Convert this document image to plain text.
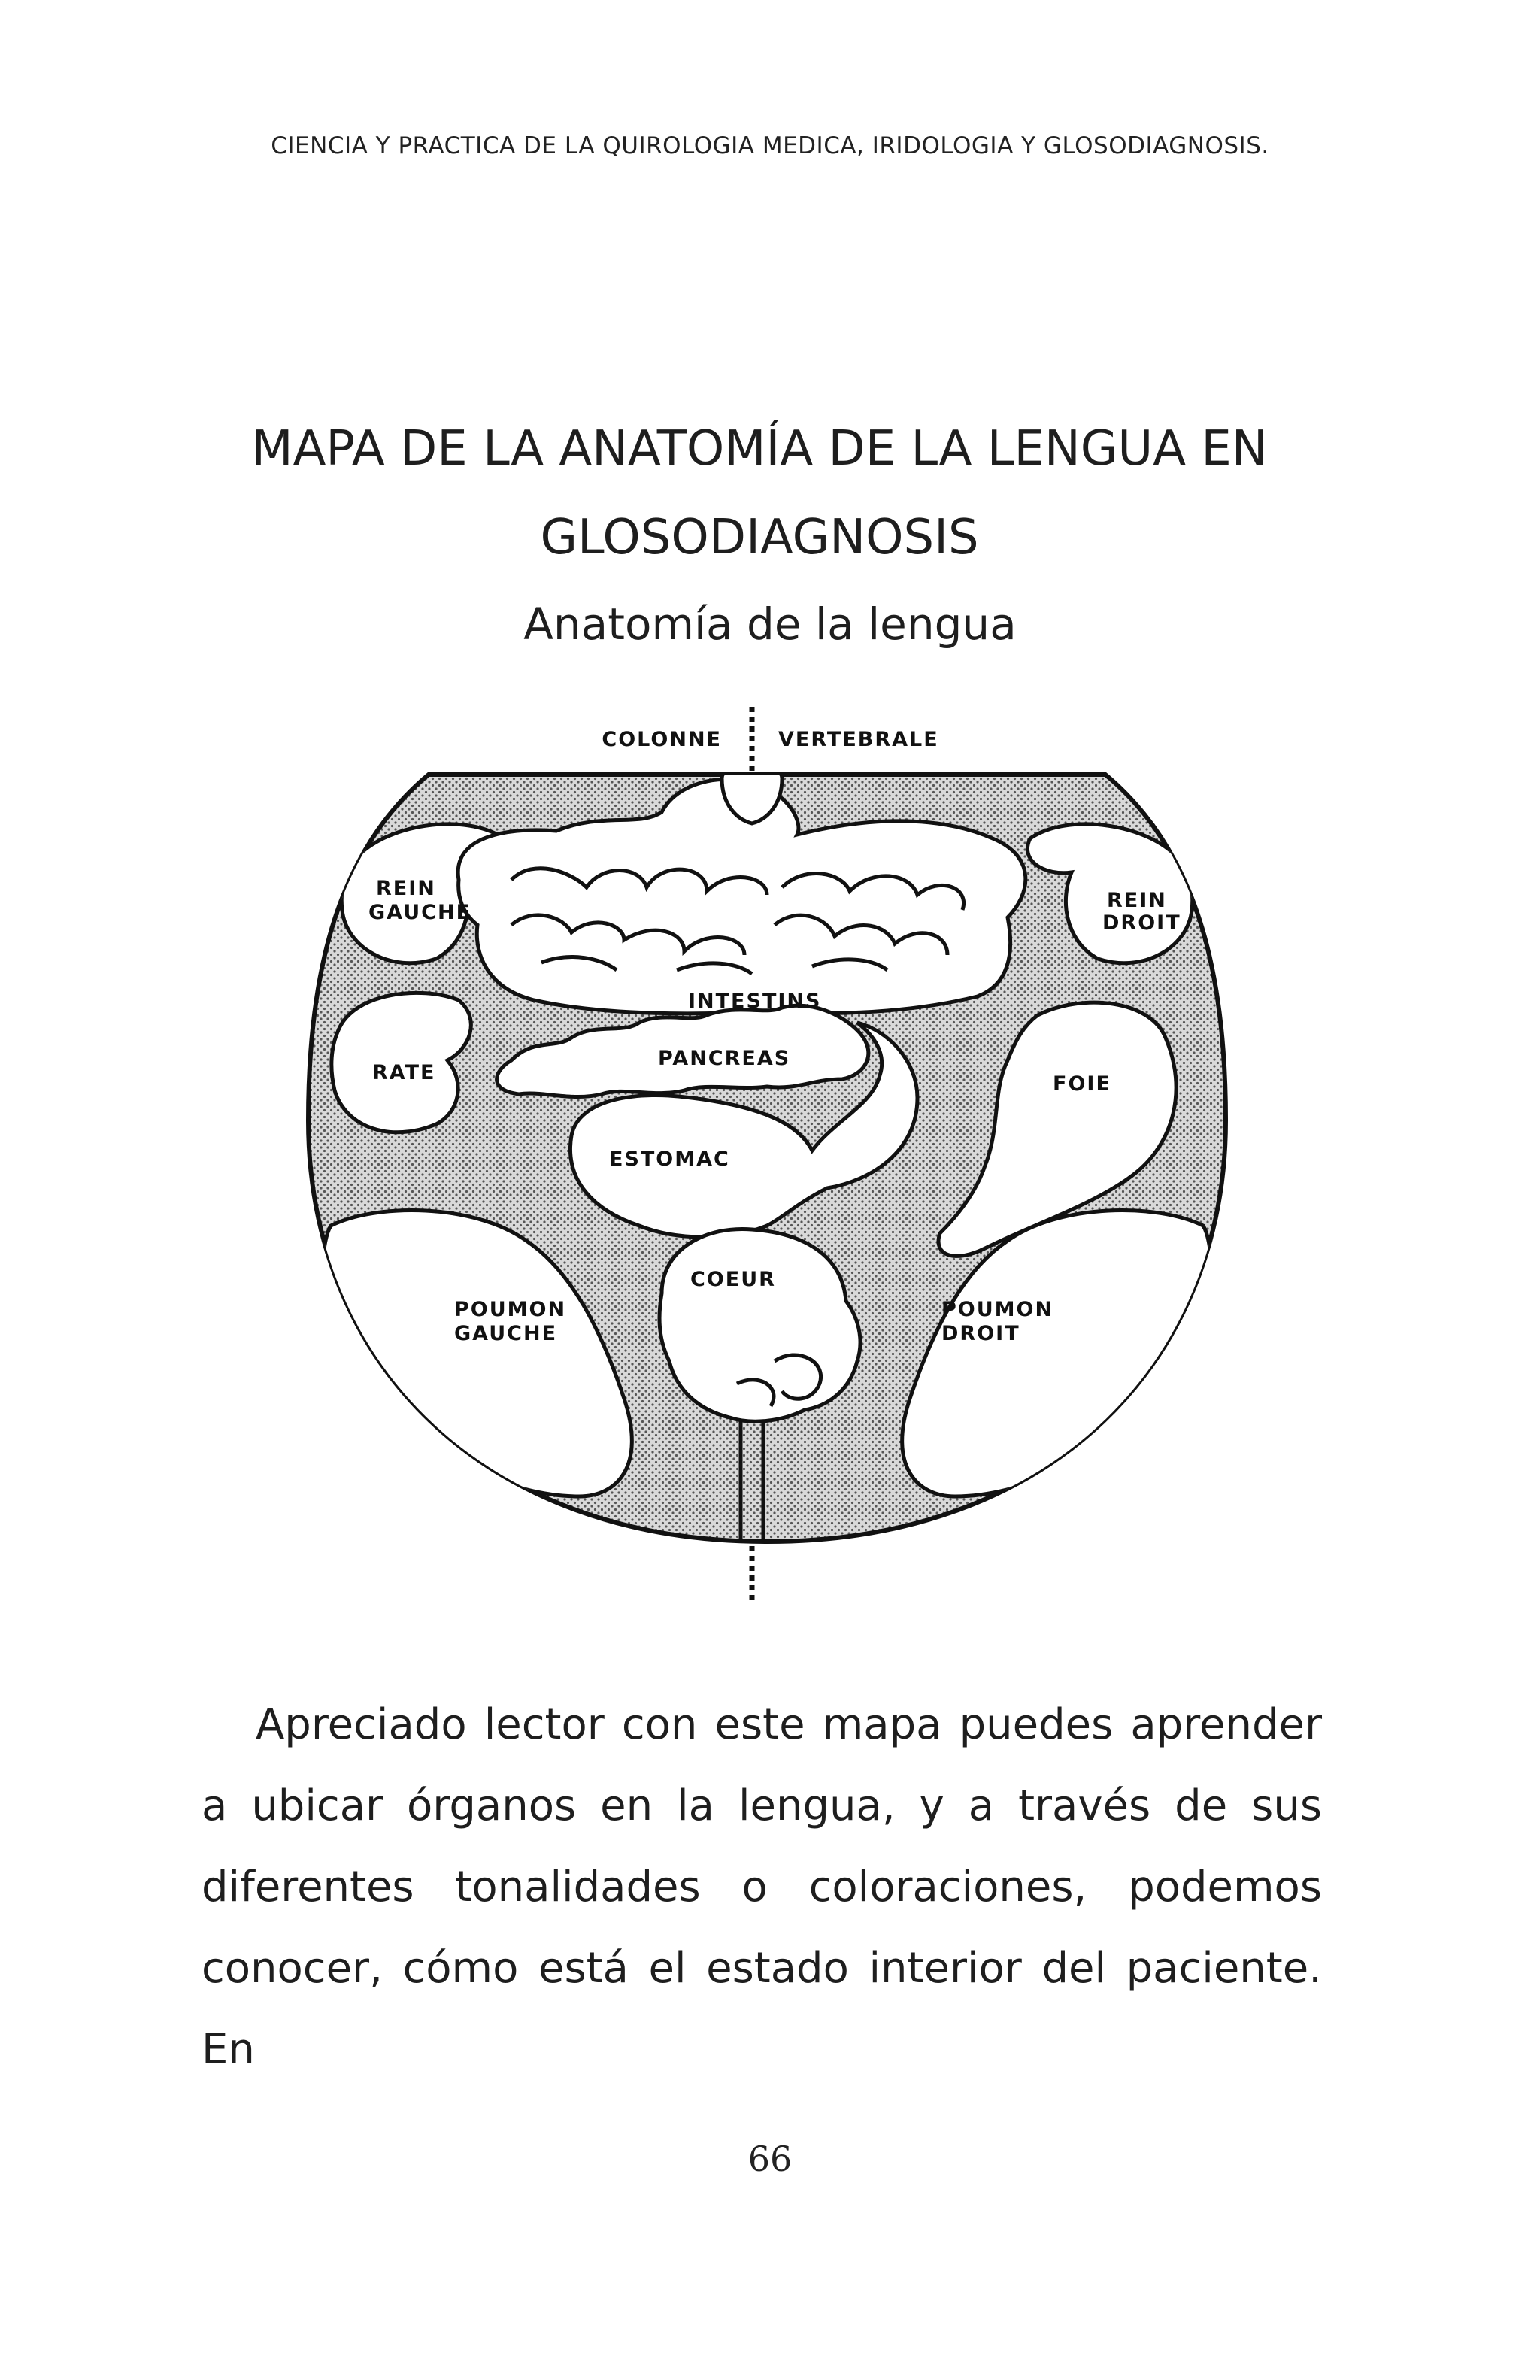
CIENCIA Y PRACTICA DE LA QUIROLOGIA MEDICA, IRIDOLOGIA Y GLOSODIAGNOSIS.
MAPA DE LA ANATOMÍA DE LA LENGUA EN
GLOSODIAGNOSIS
Anatomía de la lengua
COLONNE	VERTEBRALE
REIN
GAUCHE
REIN
DROIT
INTESTINS
PANCREAS
RATE	FOIE
ESTOMAC
COEUR
POUMON
GAUCHE
POUMON
DROIT

Apreciado lector con este mapa puedes aprender a ubicar órganos en la lengua, y a través de sus diferentes tonalidades o coloraciones, podemos conocer, cómo está el estado interior del paciente. En

66
